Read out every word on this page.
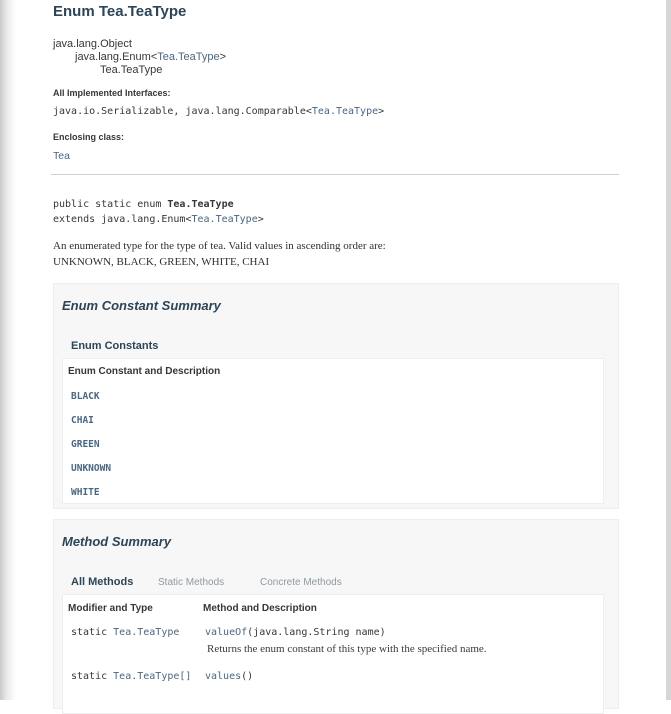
Enum Tea.TeaType
java.lang.Object
java.lang.Enum<Tea.TeaType>
Tea.TeaType
All Implemented Interfaces:
java.io.Serializable, java.lang.Comparable<Tea.TeaType>
Enclosing class:
Tea
public static enum Tea.TeaType
extends java.lang.Enum<Tea.TeaType>
An enumerated type for the type of tea. Valid values in ascending order are:
UNKNOWN, BLACK, GREEN, WHITE, CHAI
Enum Constant Summary
Enum Constants
Enum Constant and Description
BLACK
CHAI
GREEN
UNKNOWN
WHITE
Method Summary
All Methods Static Methods	Concrete Methods
Modifier and Type	Method and Description
static Tea.TeaType	valueOf(java.lang.String name)
Returns the enum constant of this type with the specified name.
static Tea.TeaType[] values()
